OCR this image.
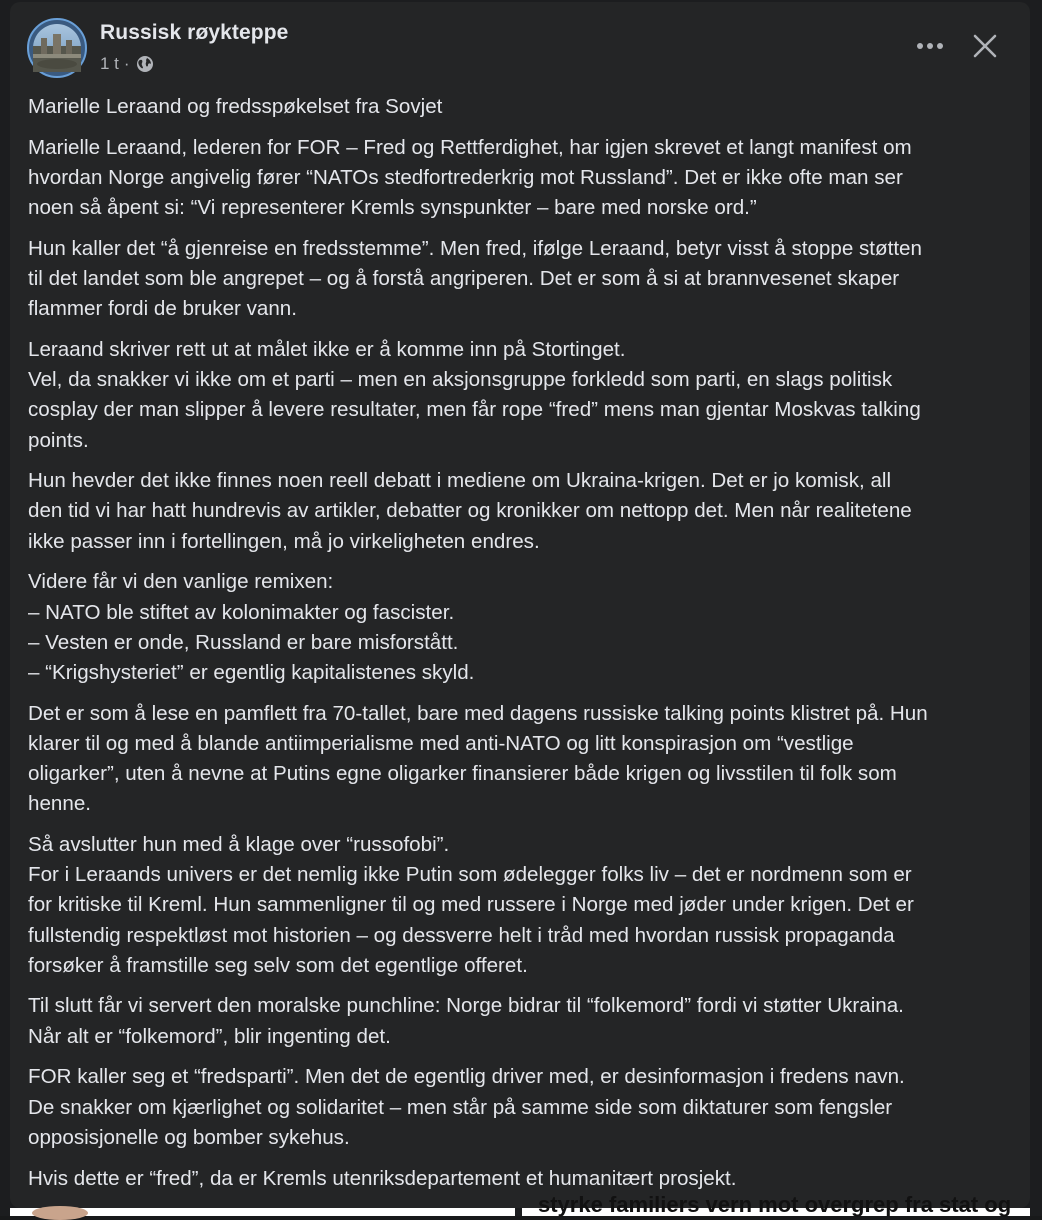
Russisk røykteppe
1 t ·

Marielle Leraand og fredsspøkelset fra Sovjet

Marielle Leraand, lederen for FOR – Fred og Rettferdighet, har igjen skrevet et langt manifest om
hvordan Norge angivelig fører “NATOs stedfortrederkrig mot Russland”. Det er ikke ofte man ser
noen så åpent si: “Vi representerer Kremls synspunkter – bare med norske ord.”

Hun kaller det “å gjenreise en fredsstemme”. Men fred, ifølge Leraand, betyr visst å stoppe støtten
til det landet som ble angrepet – og å forstå angriperen. Det er som å si at brannvesenet skaper
flammer fordi de bruker vann.

Leraand skriver rett ut at målet ikke er å komme inn på Stortinget.
Vel, da snakker vi ikke om et parti – men en aksjonsgruppe forkledd som parti, en slags politisk
cosplay der man slipper å levere resultater, men får rope “fred” mens man gjentar Moskvas talking
points.

Hun hevder det ikke finnes noen reell debatt i mediene om Ukraina-krigen. Det er jo komisk, all
den tid vi har hatt hundrevis av artikler, debatter og kronikker om nettopp det. Men når realitetene
ikke passer inn i fortellingen, må jo virkeligheten endres.

Videre får vi den vanlige remixen:
– NATO ble stiftet av kolonimakter og fascister.
– Vesten er onde, Russland er bare misforstått.
– “Krigshysteriet” er egentlig kapitalistenes skyld.

Det er som å lese en pamflett fra 70-tallet, bare med dagens russiske talking points klistret på. Hun
klarer til og med å blande antiimperialisme med anti-NATO og litt konspirasjon om “vestlige
oligarker”, uten å nevne at Putins egne oligarker finansierer både krigen og livsstilen til folk som
henne.

Så avslutter hun med å klage over “russofobi”.
For i Leraands univers er det nemlig ikke Putin som ødelegger folks liv – det er nordmenn som er
for kritiske til Kreml. Hun sammenligner til og med russere i Norge med jøder under krigen. Det er
fullstendig respektløst mot historien – og dessverre helt i tråd med hvordan russisk propaganda
forsøker å framstille seg selv som det egentlige offeret.

Til slutt får vi servert den moralske punchline: Norge bidrar til “folkemord” fordi vi støtter Ukraina.
Når alt er “folkemord”, blir ingenting det.

FOR kaller seg et “fredsparti”. Men det de egentlig driver med, er desinformasjon i fredens navn.
De snakker om kjærlighet og solidaritet – men står på samme side som diktaturer som fengsler
opposisjonelle og bomber sykehus.

Hvis dette er “fred”, da er Kremls utenriksdepartement et humanitært prosjekt.

styrke familiers vern mot overgrep fra stat og
